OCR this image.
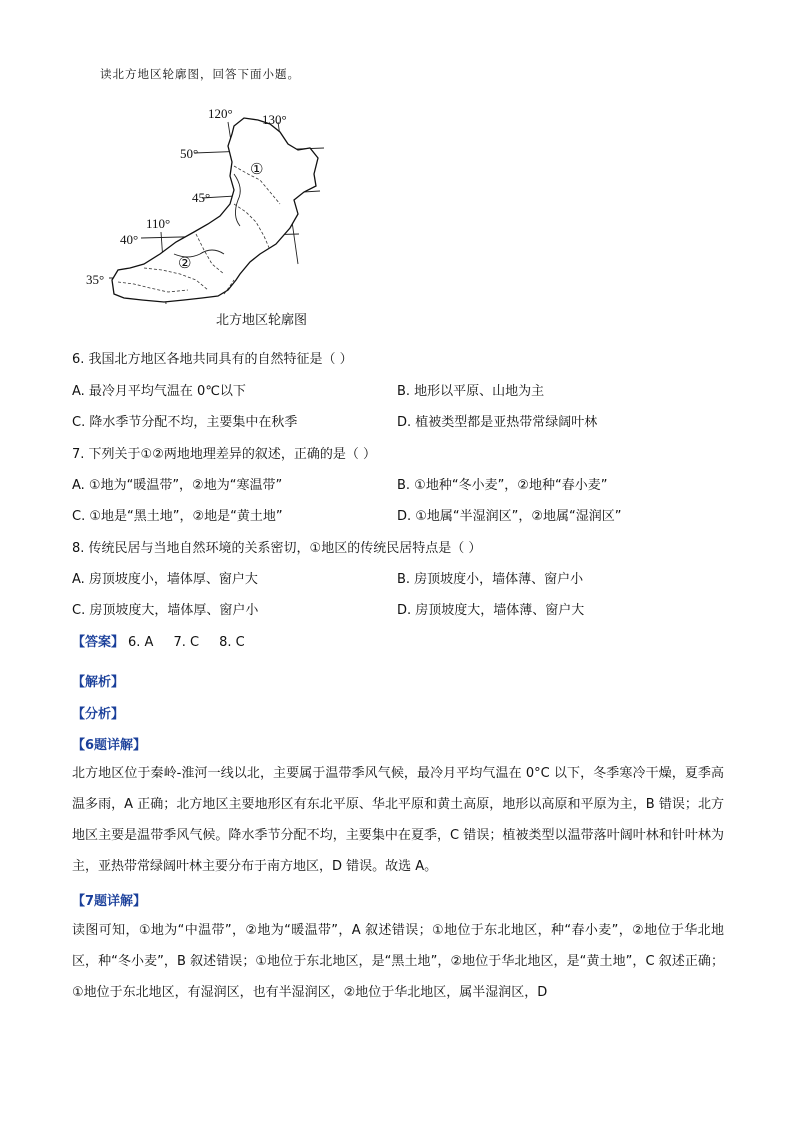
读北方地区轮廓图，回答下面小题。
120° 130°
50°
45°
110°
40°
35°
①
②
北方地区轮廓图
6. 我国北方地区各地共同具有的自然特征是（ ）
A. 最冷月平均气温在 0℃以下	B. 地形以平原、山地为主
C. 降水季节分配不均，主要集中在秋季	D. 植被类型都是亚热带常绿阔叶林
7. 下列关于①②两地地理差异的叙述，正确的是（ ）
A. ①地为“暖温带”，②地为“寒温带”	B. ①地种“冬小麦”，②地种“春小麦”
C. ①地是“黑土地”，②地是“黄土地”	D. ①地属“半湿润区”，②地属“湿润区”
8. 传统民居与当地自然环境的关系密切，①地区的传统民居特点是（ ）
A. 房顶坡度小，墙体厚、窗户大	B. 房顶坡度小，墙体薄、窗户小
C. 房顶坡度大，墙体厚、窗户小	D. 房顶坡度大，墙体薄、窗户大
【答案】 6. A 7. C 8. C
【解析】
【分析】
【6题详解】
北方地区位于秦岭-淮河一线以北，主要属于温带季风气候，最冷月平均气温在 0°C 以下，冬季寒冷干燥，夏季高温多雨，A 正确；北方地区主要地形区有东北平原、华北平原和黄土高原，地形以高原和平原为主，B 错误；北方地区主要是温带季风气候。降水季节分配不均，主要集中在夏季，C 错误；植被类型以温带落叶阔叶林和针叶林为主，亚热带常绿阔叶林主要分布于南方地区，D 错误。故选 A。
【7题详解】
读图可知，①地为“中温带”，②地为“暖温带”，A 叙述错误；①地位于东北地区，种“春小麦”，②地位于华北地区，种“冬小麦”，B 叙述错误；①地位于东北地区，是“黑土地”，②地位于华北地区，是“黄土地”，C 叙述正确；①地位于东北地区，有湿润区，也有半湿润区，②地位于华北地区，属半湿润区，D
